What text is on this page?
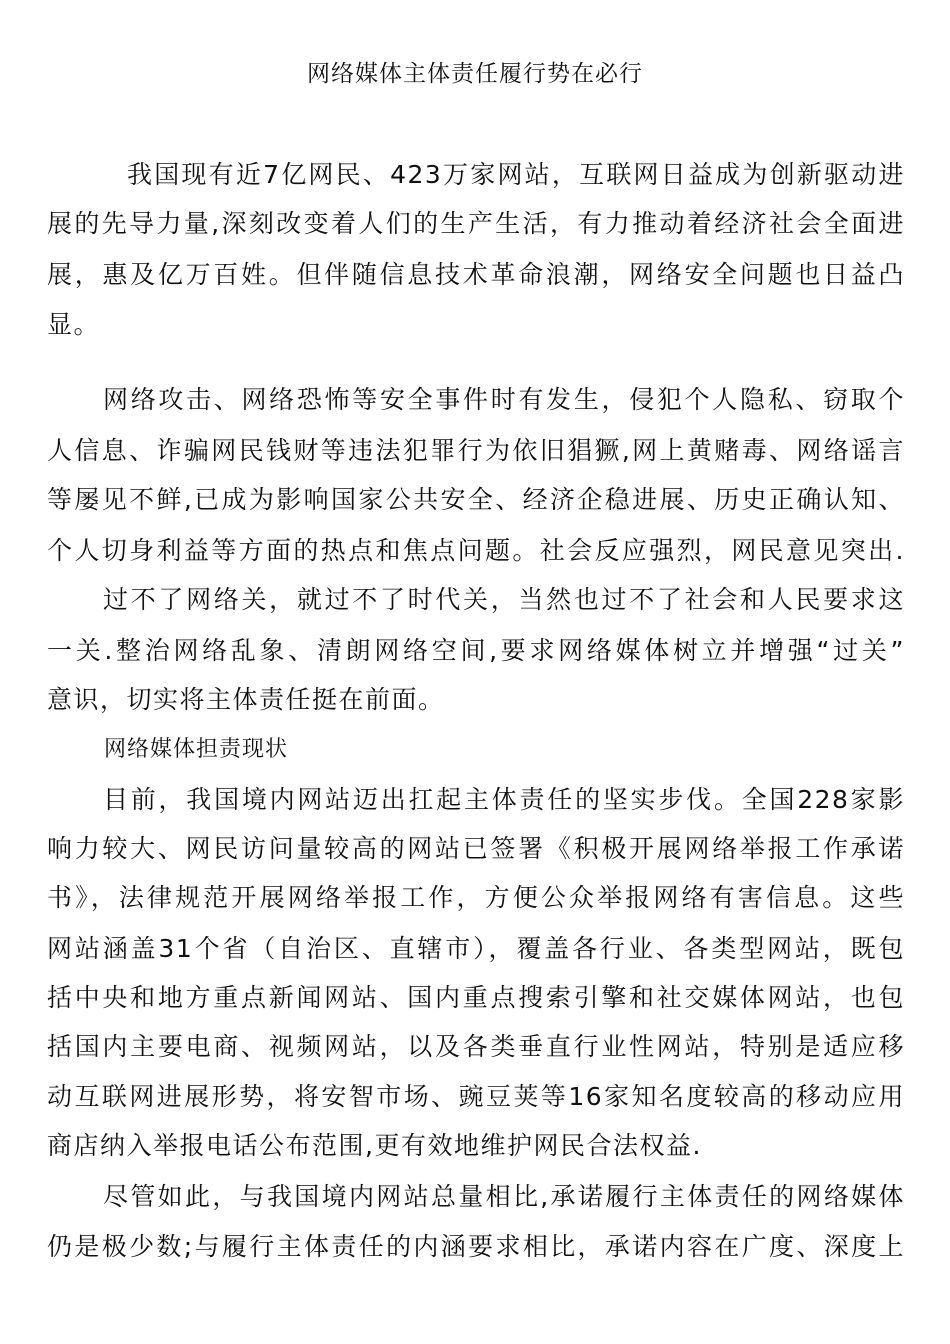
网络媒体主体责任履行势在必行
我国现有近7亿网民、423万家网站，互联网日益成为创新驱动进
展的先导力量,深刻改变着人们的生产生活，有力推动着经济社会全面进
展，惠及亿万百姓。但伴随信息技术革命浪潮，网络安全问题也日益凸
显。
网络攻击、网络恐怖等安全事件时有发生，侵犯个人隐私、窃取个
人信息、诈骗网民钱财等违法犯罪行为依旧猖獗,网上黄赌毒、网络谣言
等屡见不鲜,已成为影响国家公共安全、经济企稳进展、历史正确认知、
个人切身利益等方面的热点和焦点问题。社会反应强烈，网民意见突出.
过不了网络关，就过不了时代关，当然也过不了社会和人民要求这
一关.整治网络乱象、清朗网络空间,要求网络媒体树立并增强“过关”
意识，切实将主体责任挺在前面。
网络媒体担责现状
目前，我国境内网站迈出扛起主体责任的坚实步伐。全国228家影
响力较大、网民访问量较高的网站已签署《积极开展网络举报工作承诺
书》，法律规范开展网络举报工作，方便公众举报网络有害信息。这些
网站涵盖31个省（自治区、直辖市），覆盖各行业、各类型网站，既包
括中央和地方重点新闻网站、国内重点搜索引擎和社交媒体网站，也包
括国内主要电商、视频网站，以及各类垂直行业性网站，特别是适应移
动互联网进展形势，将安智市场、豌豆荚等16家知名度较高的移动应用
商店纳入举报电话公布范围,更有效地维护网民合法权益.
尽管如此，与我国境内网站总量相比,承诺履行主体责任的网络媒体
仍是极少数;与履行主体责任的内涵要求相比，承诺内容在广度、深度上
